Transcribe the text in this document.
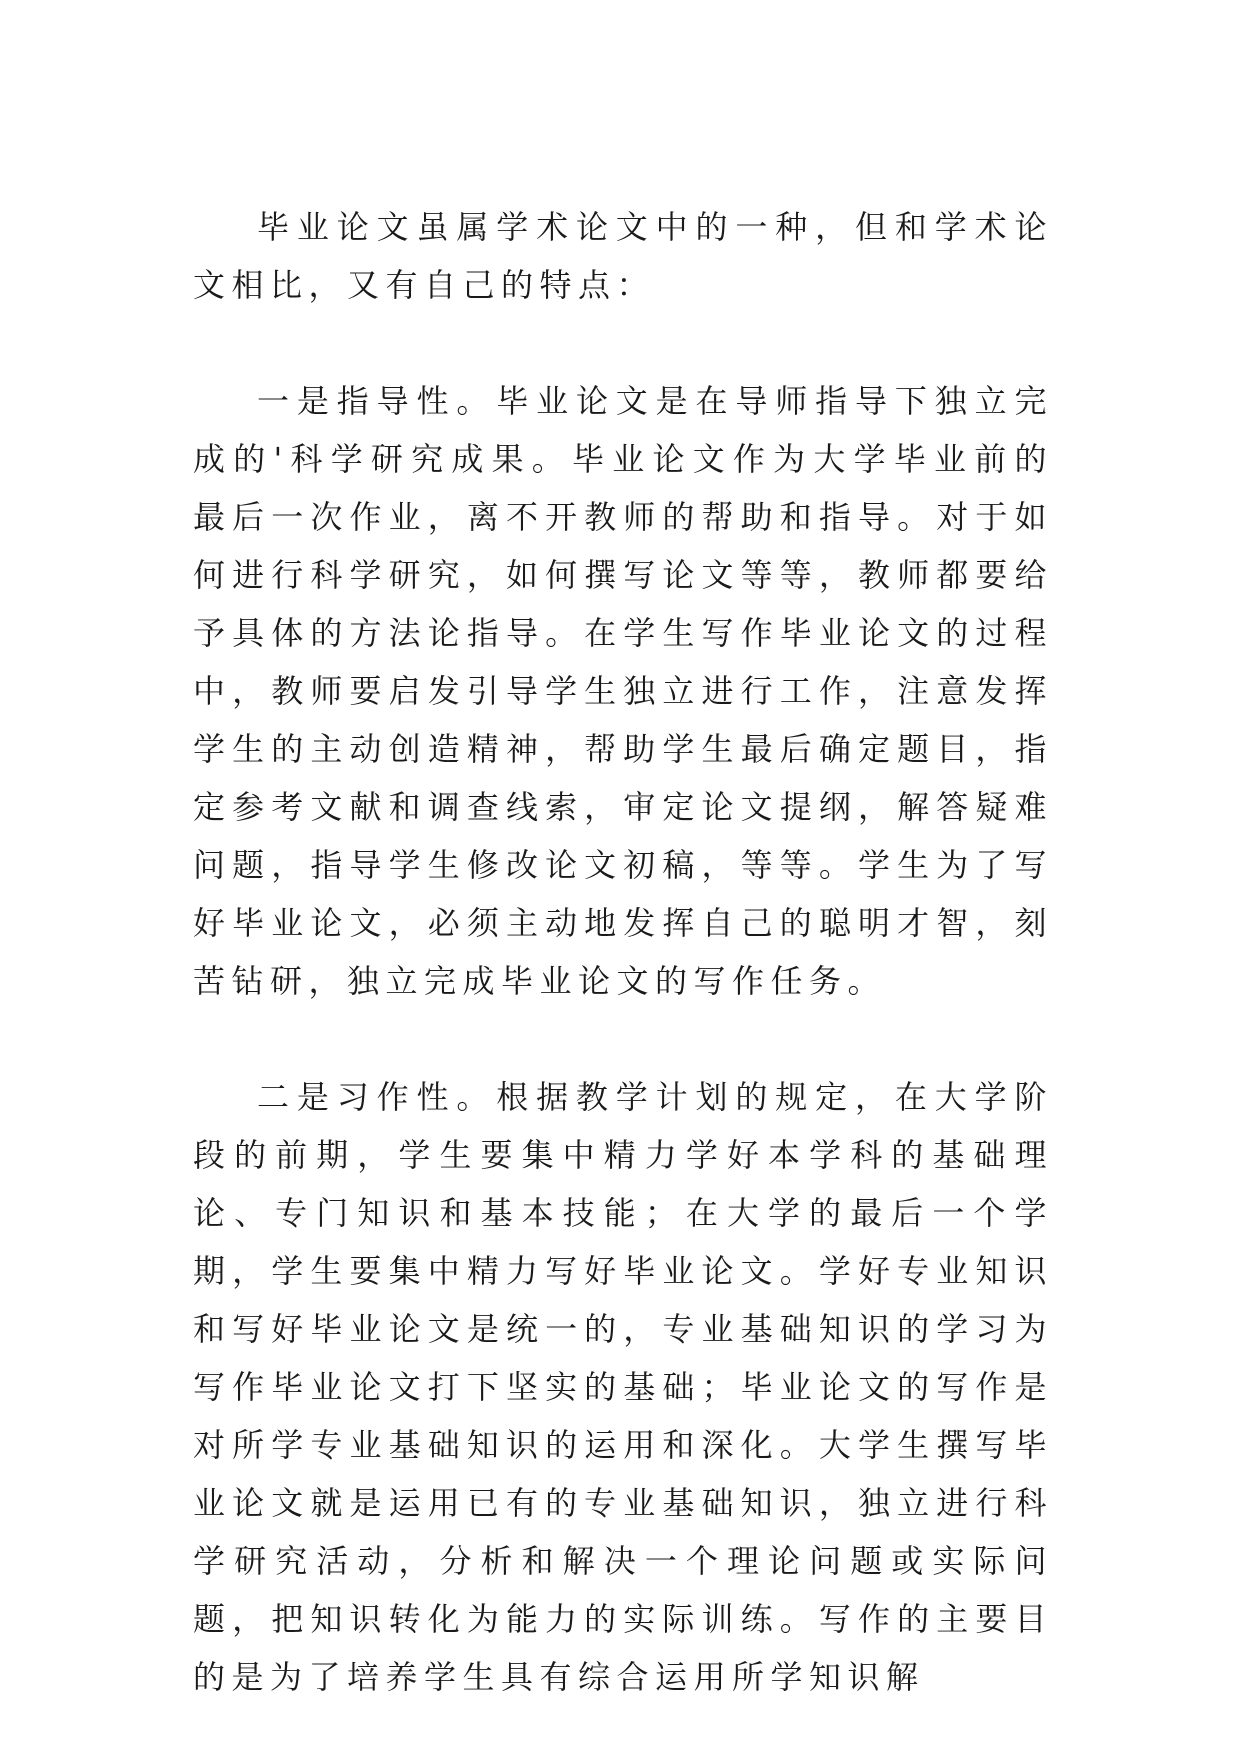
毕业论文虽属学术论文中的一种，但和学术论文相比，又有自己的特点：

一是指导性。毕业论文是在导师指导下独立完成的'科学研究成果。毕业论文作为大学毕业前的最后一次作业，离不开教师的帮助和指导。对于如何进行科学研究，如何撰写论文等等，教师都要给予具体的方法论指导。在学生写作毕业论文的过程中，教师要启发引导学生独立进行工作，注意发挥学生的主动创造精神，帮助学生最后确定题目，指定参考文献和调查线索，审定论文提纲，解答疑难问题，指导学生修改论文初稿，等等。学生为了写好毕业论文，必须主动地发挥自己的聪明才智，刻苦钻研，独立完成毕业论文的写作任务。

二是习作性。根据教学计划的规定，在大学阶段的前期，学生要集中精力学好本学科的基础理论、专门知识和基本技能；在大学的最后一个学期，学生要集中精力写好毕业论文。学好专业知识和写好毕业论文是统一的，专业基础知识的学习为写作毕业论文打下坚实的基础；毕业论文的写作是对所学专业基础知识的运用和深化。大学生撰写毕业论文就是运用已有的专业基础知识，独立进行科学研究活动，分析和解决一个理论问题或实际问题，把知识转化为能力的实际训练。写作的主要目的是为了培养学生具有综合运用所学知识解
